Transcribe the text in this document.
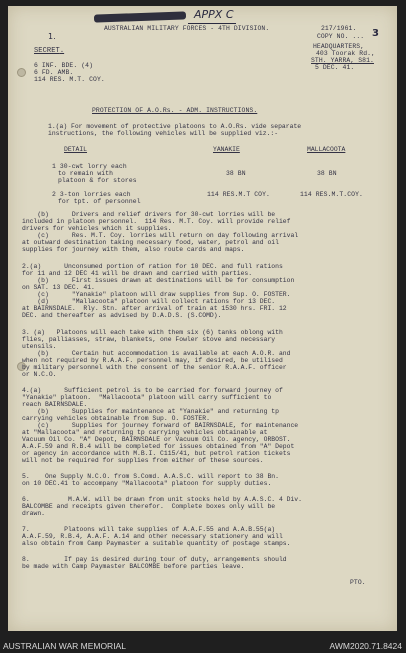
1.
APPX C
AUSTRALIAN MILITARY FORCES - 4TH DIVISION.	217/1961.
COPY NO. ... 3
SECRET.
HEADQUARTERS,
403 Toorak Rd.,
STH. YARRA, S81.
5 DEC. 41.
6 INF. BDE. (4)
6 FD. AMB.
114 RES. M.T. COY.
PROTECTION OF A.O.Rs. - ADM. INSTRUCTIONS.
1.(a) For movement of protective platoons to A.O.Rs. vide separate
instructions, the following vehicles will be supplied viz.:-
DETAIL	YANAKIE	MALLACOOTA
1 30-cwt lorry each
to remain with
platoon & for stores
38 BN	38 BN
2 3-ton lorries each
for tpt. of personnel
114 RES.M.T COY.	114 RES.M.T.COY.
(b)      Drivers and relief drivers for 30-cwt lorries will be
included in platoon personnel.  114 Res. M.T. Coy. will provide relief
drivers for vehicles which it supplies.
(c)      Res. M.T. Coy. lorries will return on day following arrival
at outward destination taking necessary food, water, petrol and oil
supplies for journey with them, also route cards and maps.
2.(a)      Unconsumed portion of ration for 10 DEC. and full rations
for 11 and 12 DEC 41 will be drawn and carried with parties.
(b)      First issues drawn at destinations will be for consumption
on SAT. 13 DEC. 41.
(c)      "Yanakie" platoon will draw supplies from Sup. O. FOSTER.
(d)      "Mallacoota" platoon will collect rations for 13 DEC.
at BAIRNSDALE.  Rly. Stn. after arrival of train at 1530 hrs. FRI. 12
DEC. and thereafter as advised by D.A.D.S. (S.COMD).
3. (a)   Platoons will each take with them six (6) tanks oblong with
flies, palliasses, straw, blankets, one Fowler stove and necessary
utensils.
(b)      Certain hut accommodation is available at each A.O.R. and
when not required by R.A.A.F. personnel may, if desired, be utilised
by military personnel with the consent of the senior R.A.A.F. officer
or N.C.O.
4.(a)      Sufficient petrol is to be carried for forward journey of
"Yanakie" platoon.  "Mallacoota" platoon will carry sufficient to
reach BAIRNSDALE.
(b)      Supplies for maintenance at "Yanakie" and returning tp
carrying vehicles obtainable from Sup. O. FOSTER.
(c)      Supplies for journey forward of BAIRNSDALE, for maintenance
at "Mallacoota" and returning tp carrying vehicles obtainable at
Vacuum Oil Co. "A" Depot, BAIRNSDALE or Vacuum Oil Co. agency, ORBOST.
A.A.F.59 and R.B.4 will be completed for issues obtained from "A" Depot
or agency in accordance with M.B.I. C115/41, but petrol ration tickets
will not be required for supplies from either of these sources.
5.    One Supply N.C.O. from S.Comd. A.A.S.C. will report to 38 Bn.
on 10 DEC.41 to accompany "Mallacoota" platoon for supply duties.
6.          M.A.W. will be drawn from unit stocks held by A.A.S.C. 4 Div.
BALCOMBE and receipts given therefor.  Complete boxes only will be
drawn.
7.         Platoons will take supplies of A.A.F.55 and A.A.B.55(a)
A.A.F.59, R.B.4, A.A.F. A.14 and other necessary stationery and will
also obtain from Camp Paymaster a suitable quantity of postage stamps.
8.         If pay is desired during tour of duty, arrangements should
be made with Camp Paymaster BALCOMBE before parties leave.
PTO.
AUSTRALIAN WAR MEMORIAL	AWM2020.71.8424
